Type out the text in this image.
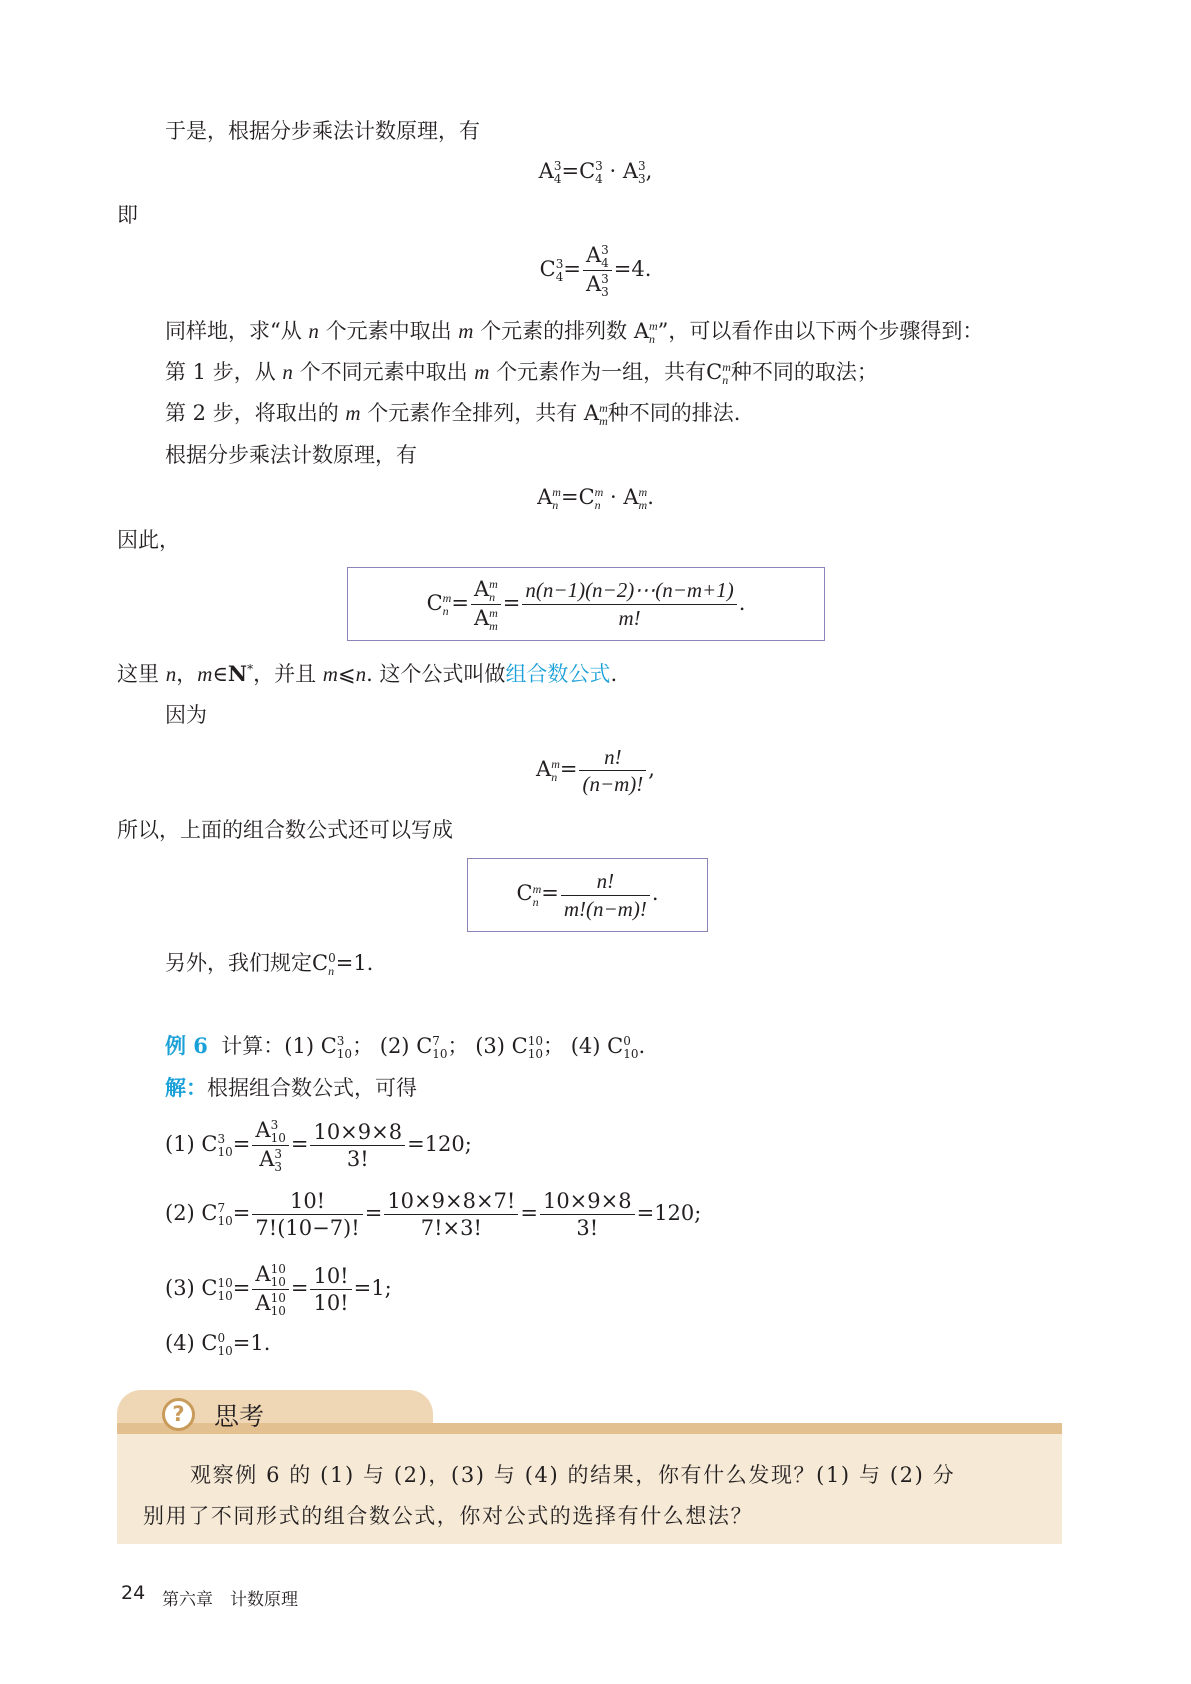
于是，根据分步乘法计数原理，有
A 3
4 =C 3
4 · A 3
3 ,
即
C 3
4 = A 3
4
A 3
3 =4.
同样地，求“从 n 个元素中取出 m 个元素的排列数 A m
n ”，可以看作由以下两个步骤得到：
第 1 步，从 n 个不同元素中取出 m 个元素作为一组，共有C m
n 种不同的取法；
第 2 步，将取出的 m 个元素作全排列，共有 A m
m 种不同的排法.
根据分步乘法计数原理，有
A m
n =C m
n · A m
m .
因此，
C m
n = A m
n
A m
$m = \frac{n(n-1)(n-2)\cdots(n-m+1)}{m!}$ .
这里 n，m∈N*，并且 m⩽n. 这个公式叫做组合数公式.
因为
A m
$n = \frac{n!}{(n-m)!}$ ,
所以，上面的组合数公式还可以写成
C m
$n = \frac{n!}{m!(n-m)!}$ .
另外，我们规定C 0
n =1.
例 6 计算：(1) C 3
10 ； (2) C 7
10 ； (3) C 10
10 ； (4) C 0
10 .
解：根据组合数公式，可得
(1) C 3
10 = A 3
10
A 3
$3 = \frac{10\times 9\times 8}{3!} =120$;
(2) C 7
$10 = \frac{10!}{7!(10-7)!} = \frac{10\times 9\times 8\times 7!}{7!\times 3!} = \frac{10\times 9\times 8}{3!} =120$;
(3) C 10
10 = A 10
10
A 10
$10 = \frac{10!}{10!} =1$;
(4) C 0
10 =1.
?	思考
观察例 6 的 (1) 与 (2)，(3) 与 (4) 的结果，你有什么发现？(1) 与 (2) 分
别用了不同形式的组合数公式，你对公式的选择有什么想法？
24 第六章　计数原理
